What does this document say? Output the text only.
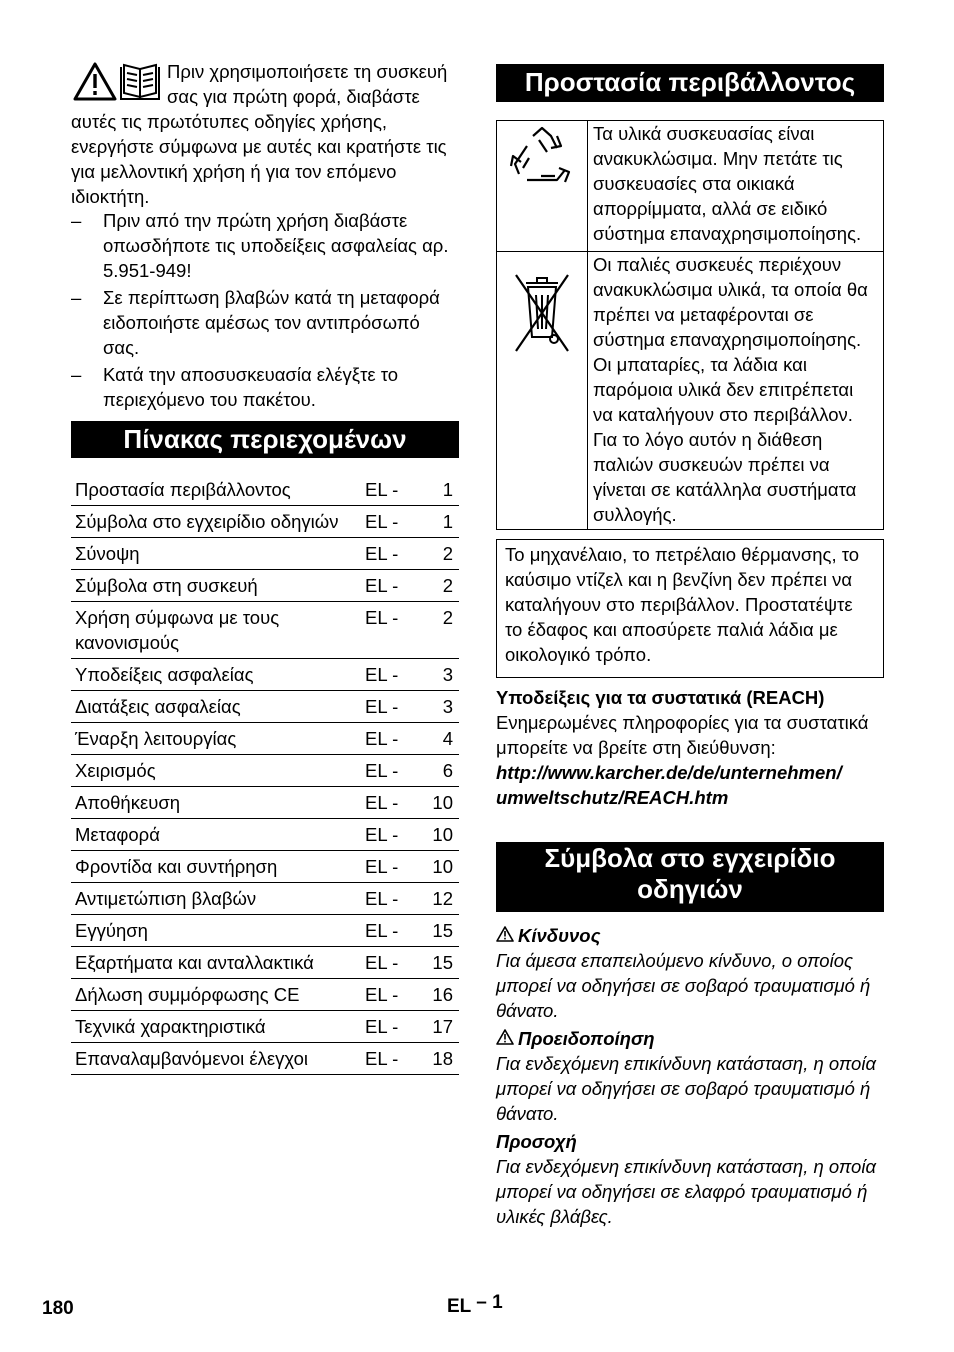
Πριν χρησιμοποιήσετε τη συσκευή σας για πρώτη φορά, διαβάστε αυτές τις πρωτότυπες οδηγίες χρήσης, ενεργήστε σύμφωνα με αυτές και κρατήστε τις για μελλοντική χρήση ή για τον επόμενο ιδιοκτήτη.

–	Πριν από την πρώτη χρήση διαβάστε οπωσδήποτε τις υποδείξεις ασφαλείας αρ. 5.951-949!
–	Σε περίπτωση βλαβών κατά τη μεταφορά ειδοποιήστε αμέσως τον αντιπρόσωπό σας.
–	Κατά την αποσυσκευασία ελέγξτε το περιεχόμενο του πακέτου.
Πίνακας περιεχομένων
Προστασία περιβάλλοντος	EL -	1
Σύμβολα στο εγχειρίδιο οδηγιών	EL -	1
Σύνοψη	EL -	2
Σύμβολα στη συσκευή	EL -	2
Χρήση σύμφωνα με τους κανονισμούς	EL -	2
Υποδείξεις ασφαλείας	EL -	3
Διατάξεις ασφαλείας	EL -	3
Έναρξη λειτουργίας	EL -	4
Χειρισμός	EL -	6
Αποθήκευση	EL -	10
Μεταφορά	EL -	10
Φροντίδα και συντήρηση	EL -	10
Αντιμετώπιση βλαβών	EL -	12
Εγγύηση	EL -	15
Εξαρτήματα και ανταλλακτικά	EL -	15
Δήλωση συμμόρφωσης CE	EL -	16
Τεχνικά χαρακτηριστικά	EL -	17
Επαναλαμβανόμενοι έλεγχοι	EL -	18
Προστασία περιβάλλοντος
	Τα υλικά συσκευασίας είναι ανακυκλώσιμα. Μην πετάτε τις συσκευασίες στα οικιακά απορρίμματα, αλλά σε ειδικό σύστημα επαναχρησιμοποίησης.
	Οι παλιές συσκευές περιέχουν ανακυκλώσιμα υλικά, τα οποία θα πρέπει να μεταφέρονται σε σύστημα επαναχρησιμοποίησης. Οι μπαταρίες, τα λάδια και παρόμοια υλικά δεν επιτρέπεται να καταλήγουν στο περιβάλλον. Για το λόγο αυτόν η διάθεση παλιών συσκευών πρέπει να γίνεται σε κατάλληλα συστήματα συλλογής.

Το μηχανέλαιο, το πετρέλαιο θέρμανσης, το καύσιμο ντίζελ και η βενζίνη δεν πρέπει να καταλήγουν στο περιβάλλον. Προστατέψτε το έδαφος και αποσύρετε παλιά λάδια με οικολογικό τρόπο.

Υποδείξεις για τα συστατικά (REACH)

Ενημερωμένες πληροφορίες για τα συστατικά μπορείτε να βρείτε στη διεύθυνση:

http://www.karcher.de/de/unternehmen/

umweltschutz/REACH.htm

Σύμβολα στο εγχειρίδιο
οδηγιών

Κίνδυνος

Για άμεσα επαπειλούμενο κίνδυνο, ο οποίος μπορεί να οδηγήσει σε σοβαρό τραυματισμό ή θάνατο.

Προειδοποίηση

Για ενδεχόμενη επικίνδυνη κατάσταση, η οποία μπορεί να οδηγήσει σε σοβαρό τραυματισμό ή θάνατο.

Προσοχή

Για ενδεχόμενη επικίνδυνη κατάσταση, η οποία μπορεί να οδηγήσει σε ελαφρό τραυματισμό ή υλικές βλάβες.

180	EL – 1
